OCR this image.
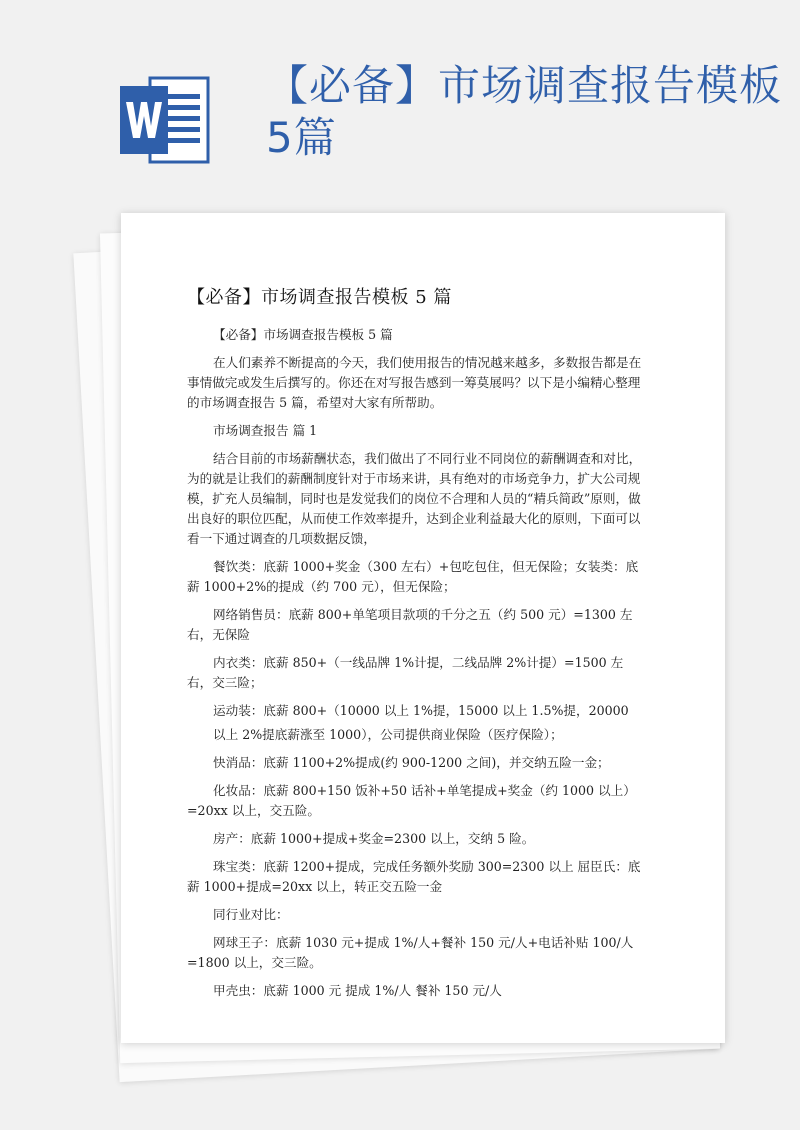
【必备】市场调查报告模板5篇
【必备】市场调查报告模板 5 篇

【必备】市场调查报告模板 5 篇

在人们素养不断提高的今天，我们使用报告的情况越来越多，多数报告都是在事情做完或发生后撰写的。你还在对写报告感到一筹莫展吗？以下是小编精心整理的市场调查报告 5 篇，希望对大家有所帮助。

市场调查报告 篇 1

结合目前的市场薪酬状态，我们做出了不同行业不同岗位的薪酬调查和对比，为的就是让我们的薪酬制度针对于市场来讲，具有绝对的市场竞争力，扩大公司规模，扩充人员编制，同时也是发觉我们的岗位不合理和人员的“精兵简政”原则，做出良好的职位匹配，从而使工作效率提升，达到企业利益最大化的原则，下面可以看一下通过调查的几项数据反馈，

餐饮类：底薪 1000+奖金（300 左右）+包吃包住，但无保险；女装类：底薪 1000+2%的提成（约 700 元），但无保险；

网络销售员：底薪 800+单笔项目款项的千分之五（约 500 元）=1300 左右，无保险

内衣类：底薪 850+（一线品牌 1%计提，二线品牌 2%计提）=1500 左右，交三险；

运动装：底薪 800+（10000 以上 1%提，15000 以上 1.5%提，20000

以上 2%提底薪涨至 1000），公司提供商业保险（医疗保险）；

快消品：底薪 1100+2%提成(约 900-1200 之间)，并交纳五险一金；

化妆品：底薪 800+150 饭补+50 话补+单笔提成+奖金（约 1000 以上）=20xx 以上，交五险。

房产：底薪 1000+提成+奖金=2300 以上，交纳 5 险。

珠宝类：底薪 1200+提成，完成任务额外奖励 300=2300 以上 屈臣氏：底薪 1000+提成=20xx 以上，转正交五险一金

同行业对比：

网球王子：底薪 1030 元+提成 1%/人+餐补 150 元/人+电话补贴 100/人=1800 以上，交三险。

甲壳虫：底薪 1000 元 提成 1%/人 餐补 150 元/人
